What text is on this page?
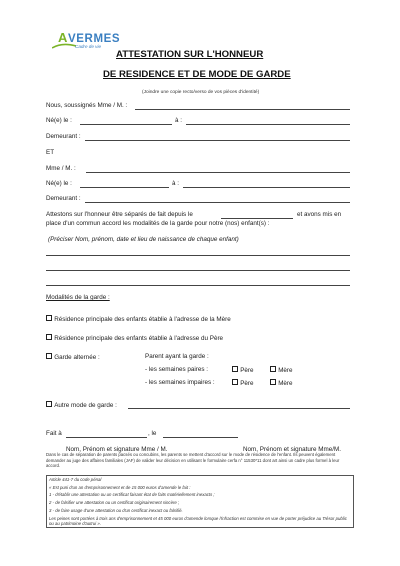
AVERMES
Cadre de vie
ATTESTATION SUR L'HONNEUR
DE RESIDENCE ET DE MODE DE GARDE
(Joindre une copie recto/verso de vos pièces d'identité)
Nous, soussignés Mme / M. :
Né(e) le :	à :
Demeurant :
ET
Mme / M. :
Né(e) le :	à :
Demeurant :
Attestons sur l'honneur être séparés de fait depuis le	et avons mis en
place d'un commun accord les modalités de la garde pour notre (nos) enfant(s) :
(Préciser Nom, prénom, date et lieu de naissance de chaque enfant)
Modalités de la garde :
Résidence principale des enfants établie à l'adresse de la Mère
Résidence principale des enfants établie à l'adresse du Père
Garde alternée :	Parent ayant la garde :
- les semaines paires :	Père	Mère
- les semaines impaires :	Père	Mère
Autre mode de garde :
Fait à	, le
Nom, Prénom et signature Mme / M.	Nom, Prénom et signature Mme/M.
Dans le cas de séparation de parents pacsés ou concubins, les parents se mettent d'accord sur le mode de résidence de l'enfant. Ils peuvent également demander au juge des affaires familiales (JAF) de valider leur décision en utilisant le formulaire cerfa n° 11530*11 dont art ainsi un cadre plus formel à leur accord.
Article 441-7 du code pénal
« Est puni d'un an d'emprisonnement et de 15 000 euros d'amende le fait :
1 - d'établir une attestation ou un certificat faisant état de faits matériellement inexacts ;
2 - de falsifier une attestation ou un certificat originairement sincère ;
3 - de faire usage d'une attestation ou d'un certificat inexact ou falsifié.
Les peines sont portées à trois ans d'emprisonnement et 45 000 euros d'amende lorsque l'infraction est commise en vue de porter préjudice au Trésor public ou au patrimoine d'autrui ».
